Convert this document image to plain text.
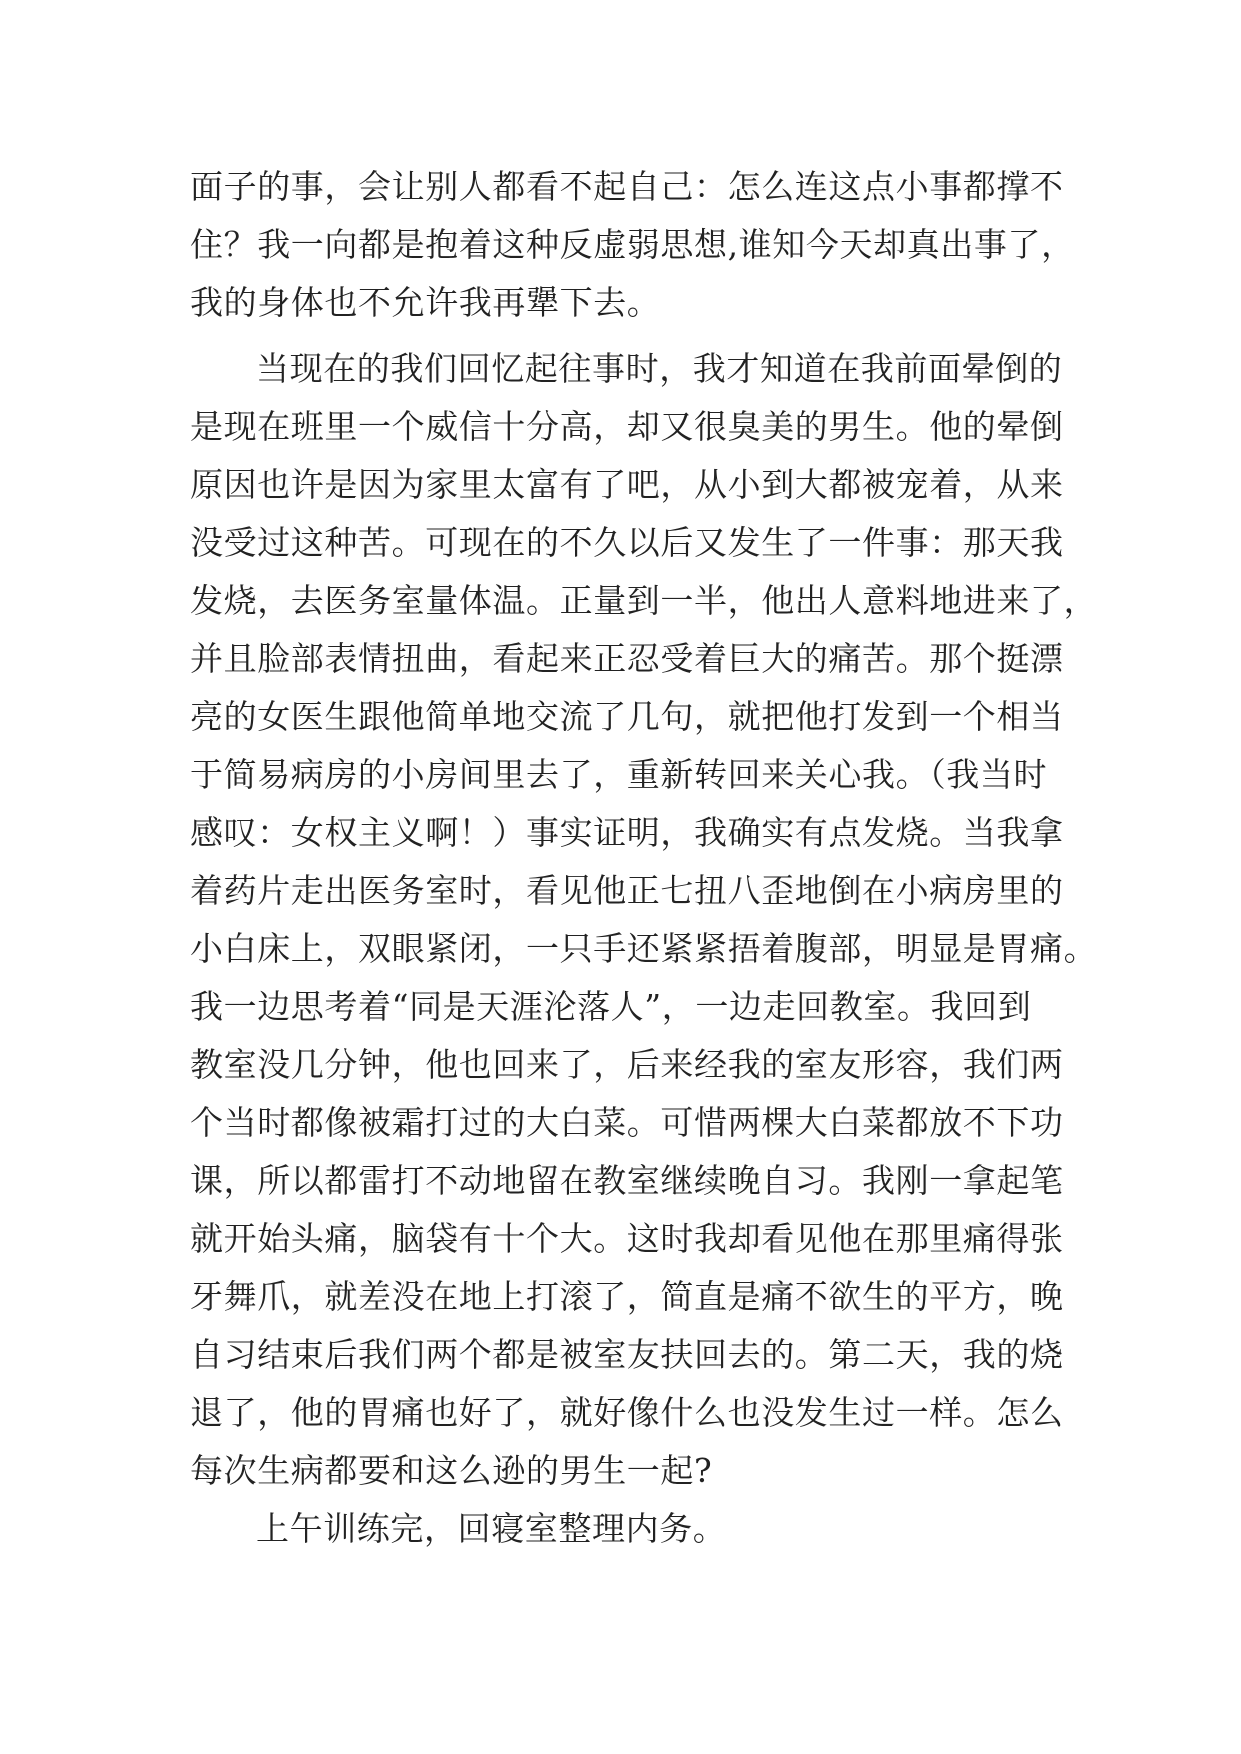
面子的事，会让别人都看不起自己：怎么连这点小事都撑不
住？我一向都是抱着这种反虚弱思想,谁知今天却真出事了，
我的身体也不允许我再犟下去。
当现在的我们回忆起往事时，我才知道在我前面晕倒的
是现在班里一个威信十分高，却又很臭美的男生。他的晕倒
原因也许是因为家里太富有了吧，从小到大都被宠着，从来
没受过这种苦。可现在的不久以后又发生了一件事：那天我
发烧，去医务室量体温。正量到一半，他出人意料地进来了，
并且脸部表情扭曲，看起来正忍受着巨大的痛苦。那个挺漂
亮的女医生跟他简单地交流了几句，就把他打发到一个相当
于简易病房的小房间里去了，重新转回来关心我。（我当时
感叹：女权主义啊！）事实证明，我确实有点发烧。当我拿
着药片走出医务室时，看见他正七扭八歪地倒在小病房里的
小白床上，双眼紧闭，一只手还紧紧捂着腹部，明显是胃痛。
我一边思考着“同是天涯沦落人”，一边走回教室。我回到
教室没几分钟，他也回来了，后来经我的室友形容，我们两
个当时都像被霜打过的大白菜。可惜两棵大白菜都放不下功
课，所以都雷打不动地留在教室继续晚自习。我刚一拿起笔
就开始头痛，脑袋有十个大。这时我却看见他在那里痛得张
牙舞爪，就差没在地上打滚了，简直是痛不欲生的平方，晚
自习结束后我们两个都是被室友扶回去的。第二天，我的烧
退了，他的胃痛也好了，就好像什么也没发生过一样。怎么
每次生病都要和这么逊的男生一起?
上午训练完，回寝室整理内务。
